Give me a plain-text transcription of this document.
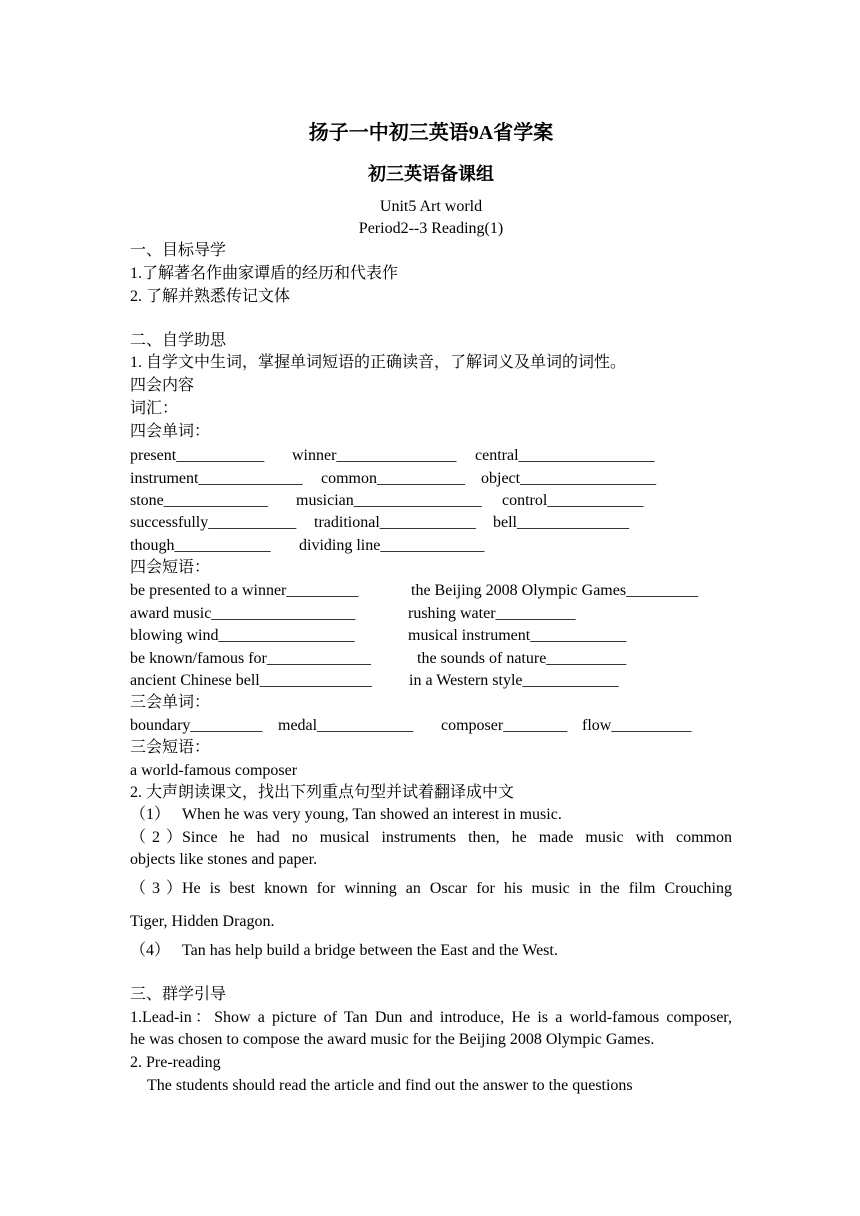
扬子一中初三英语9A省学案
初三英语备课组
Unit5 Art world
Period2--3 Reading(1)
一、目标导学
1.了解著名作曲家谭盾的经历和代表作
2. 了解并熟悉传记文体
二、自学助思
1. 自学文中生词，掌握单词短语的正确读音，了解词义及单词的词性。
四会内容
词汇：
四会单词：
present___________ winner_______________ central_________________
instrument_____________ common___________ object_________________
stone_____________ musician________________ control____________
successfully___________ traditional____________ bell______________
though____________ dividing line_____________
四会短语：
be presented to a winner_________	the Beijing 2008 Olympic Games_________
award music__________________	rushing water__________
blowing wind_________________	musical instrument____________
be known/famous for_____________	the sounds of nature__________
ancient Chinese bell______________ in a Western style____________
三会单词：
boundary_________ medal____________ composer________ flow__________
三会短语：
a world-famous composer
2. 大声朗读课文，找出下列重点句型并试着翻译成中文
（1） When he was very young, Tan showed an interest in music.
（2）Since he had no musical instruments then, he made music with common
objects like stones and paper.
（3）He is best known for winning an Oscar for his music in the film Crouching
Tiger, Hidden Dragon.
（4） Tan has help build a bridge between the East and the West.
三、群学引导
1.Lead-in：Show a picture of Tan Dun and introduce, He is a world-famous composer,
he was chosen to compose the award music for the Beijing 2008 Olympic Games.
2. Pre-reading
The students should read the article and find out the answer to the questions
